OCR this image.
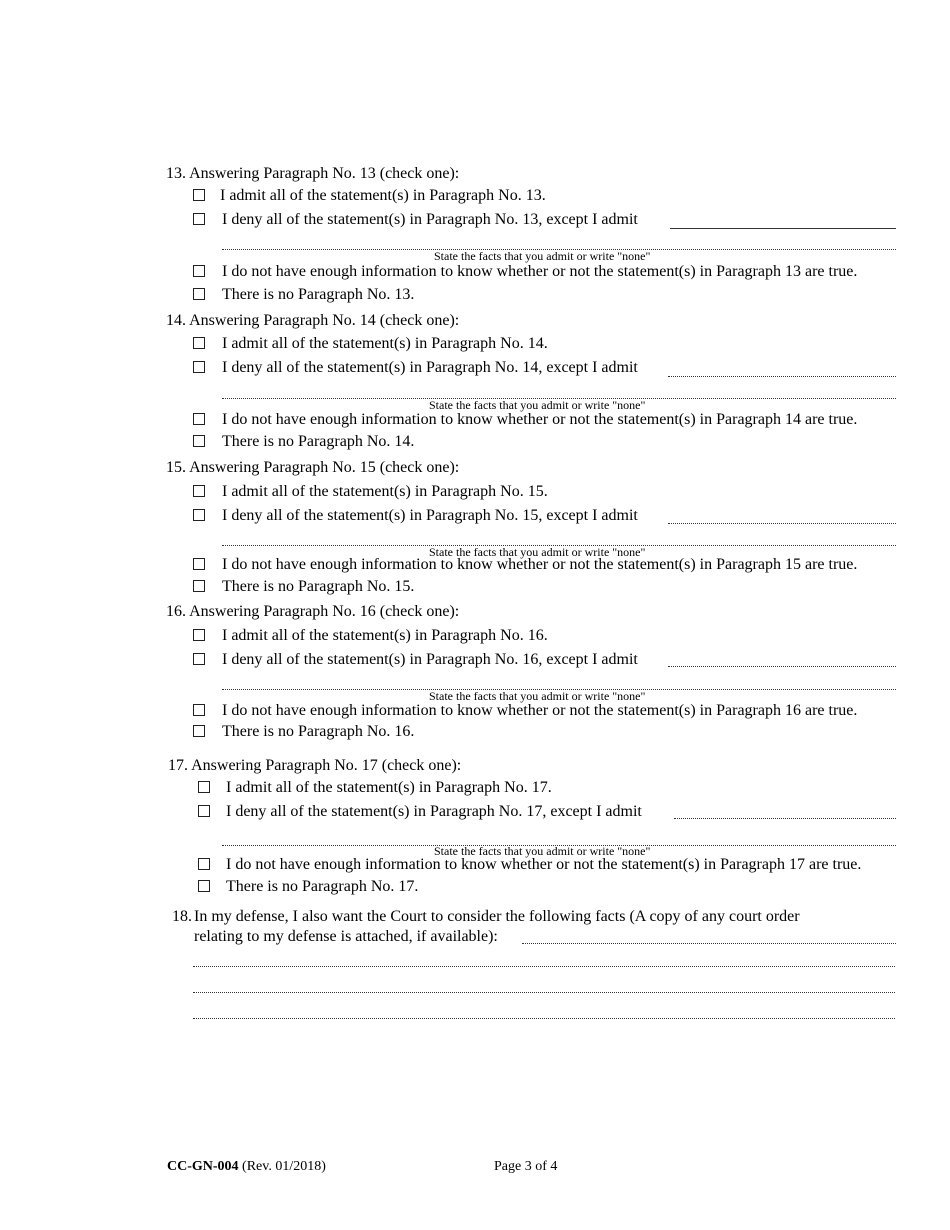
13. Answering Paragraph No. 13 (check one):
I admit all of the statement(s) in Paragraph No. 13.
I deny all of the statement(s) in Paragraph No. 13, except I admit
State the facts that you admit or write "none"
I do not have enough information to know whether or not the statement(s) in Paragraph 13 are true.
There is no Paragraph No. 13.
14. Answering Paragraph No. 14 (check one):
I admit all of the statement(s) in Paragraph No. 14.
I deny all of the statement(s) in Paragraph No. 14, except I admit
State the facts that you admit or write "none"
I do not have enough information to know whether or not the statement(s) in Paragraph 14 are true.
There is no Paragraph No. 14.
15. Answering Paragraph No. 15 (check one):
I admit all of the statement(s) in Paragraph No. 15.
I deny all of the statement(s) in Paragraph No. 15, except I admit
State the facts that you admit or write "none"
I do not have enough information to know whether or not the statement(s) in Paragraph 15 are true.
There is no Paragraph No. 15.
16. Answering Paragraph No. 16 (check one):
I admit all of the statement(s) in Paragraph No. 16.
I deny all of the statement(s) in Paragraph No. 16, except I admit
State the facts that you admit or write "none"
I do not have enough information to know whether or not the statement(s) in Paragraph 16 are true.
There is no Paragraph No. 16.
17. Answering Paragraph No. 17 (check one):
I admit all of the statement(s) in Paragraph No. 17.
I deny all of the statement(s) in Paragraph No. 17, except I admit
State the facts that you admit or write "none"
I do not have enough information to know whether or not the statement(s) in Paragraph 17 are true.
There is no Paragraph No. 17.
18. In my defense, I also want the Court to consider the following facts (A copy of any court order
relating to my defense is attached, if available):
CC-GN-004 (Rev. 01/2018)	Page 3 of 4
